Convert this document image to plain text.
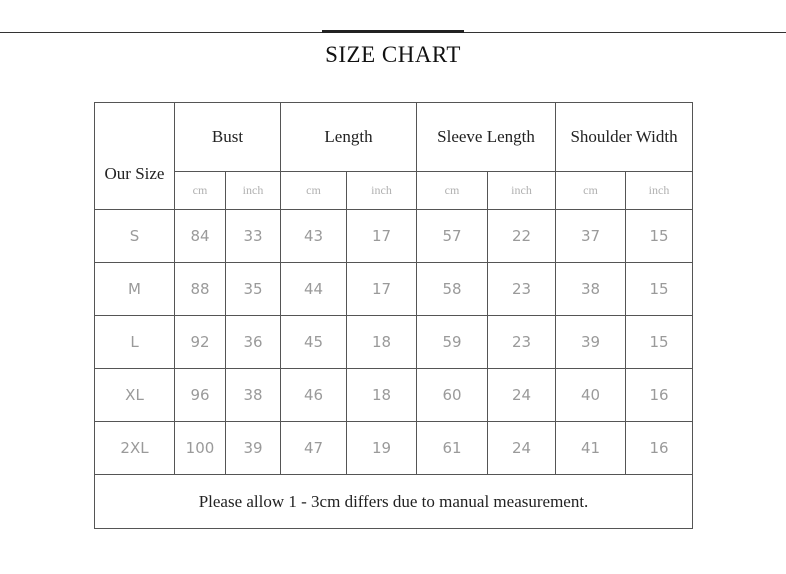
SIZE CHART
Our Size	Bust		Length		Sleeve Length		Shoulder Width	
	cm	inch	cm	inch	cm	inch	cm	inch
S	84	33	43	17	57	22	37	15
M	88	35	44	17	58	23	38	15
L	92	36	45	18	59	23	39	15
XL	96	38	46	18	60	24	40	16
2XL	100	39	47	19	61	24	41	16
Please allow 1 - 3cm differs due to manual measurement.								
